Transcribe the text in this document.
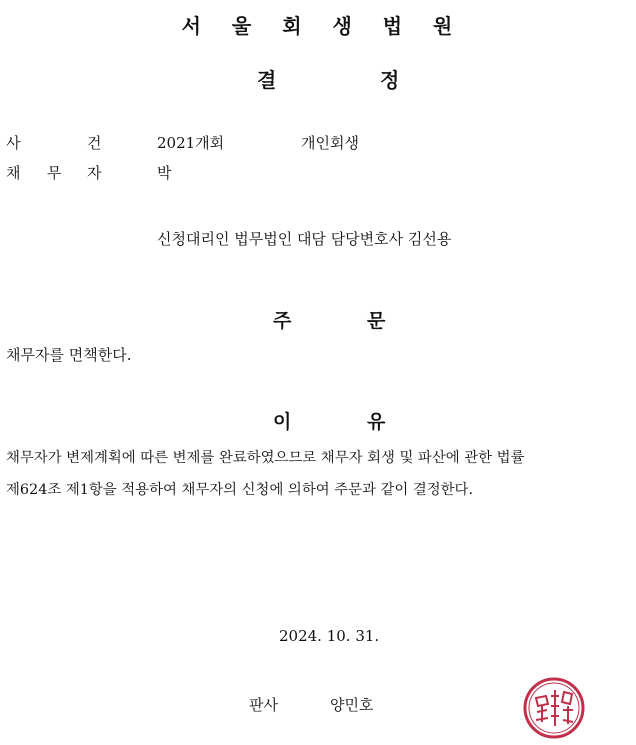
서 울 회 생 법 원
결	정
사	건	2021개회	개인회생
채 무 자	박
신청대리인 법무법인 대담 담당변호사 김선용
주	문
채무자를 면책한다.
이	유
채무자가 변제계획에 따른 변제를 완료하였으므로 채무자 회생 및 파산에 관한 법률
제624조 제1항을 적용하여 채무자의 신청에 의하여 주문과 같이 결정한다.
2024. 10. 31.
판사	양민호
